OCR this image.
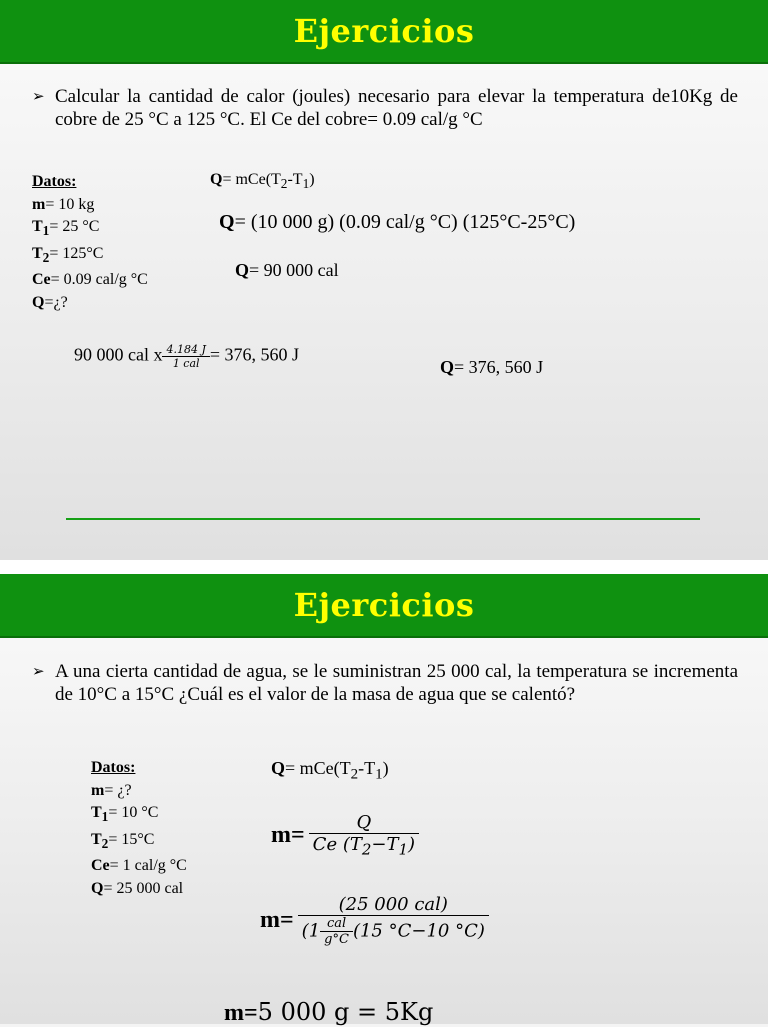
Ejercicios
➢ Calcular la cantidad de calor (joules) necesario para elevar la temperatura de10Kg de cobre de 25 °C a 125 °C. El Ce del cobre= 0.09 cal/g °C
Datos:
m= 10 kg
$T_1= 25$ °C
$T_2= 125^\circ C$
Ce= 0.09 cal/g °C
Q=¿?
$Q= mCe(T_2-T_1)$
Q= (10 000 g) (0.09 cal/g °C) (125°C-25°C)
Q= 90 000 cal
90 000 cal x $\frac{4.184 J}{\text{1 cal}} = 376$, 560 J
Q= 376, 560 J
Ejercicios
➢ A una cierta cantidad de agua, se le suministran 25 000 cal, la temperatura se incrementa de 10°C a 15°C ¿Cuál es el valor de la masa de agua que se calentó?
Datos:
m= ¿?
$T_1= 10$ °C
$T_2= 15^\circ C$
Ce= 1 cal/g °C
Q= 25 000 cal
$Q= mCe(T_2-T_1)$
$m= \frac{Q}{Ce (T_2-T_1)}$
$m= \frac{\text{(25 000 cal)}}{(1 \frac{\text{cal}}{g^\circ C} (15 ^\circ C-10 ^\circ C)}$
m=5 000 g = 5Kg
